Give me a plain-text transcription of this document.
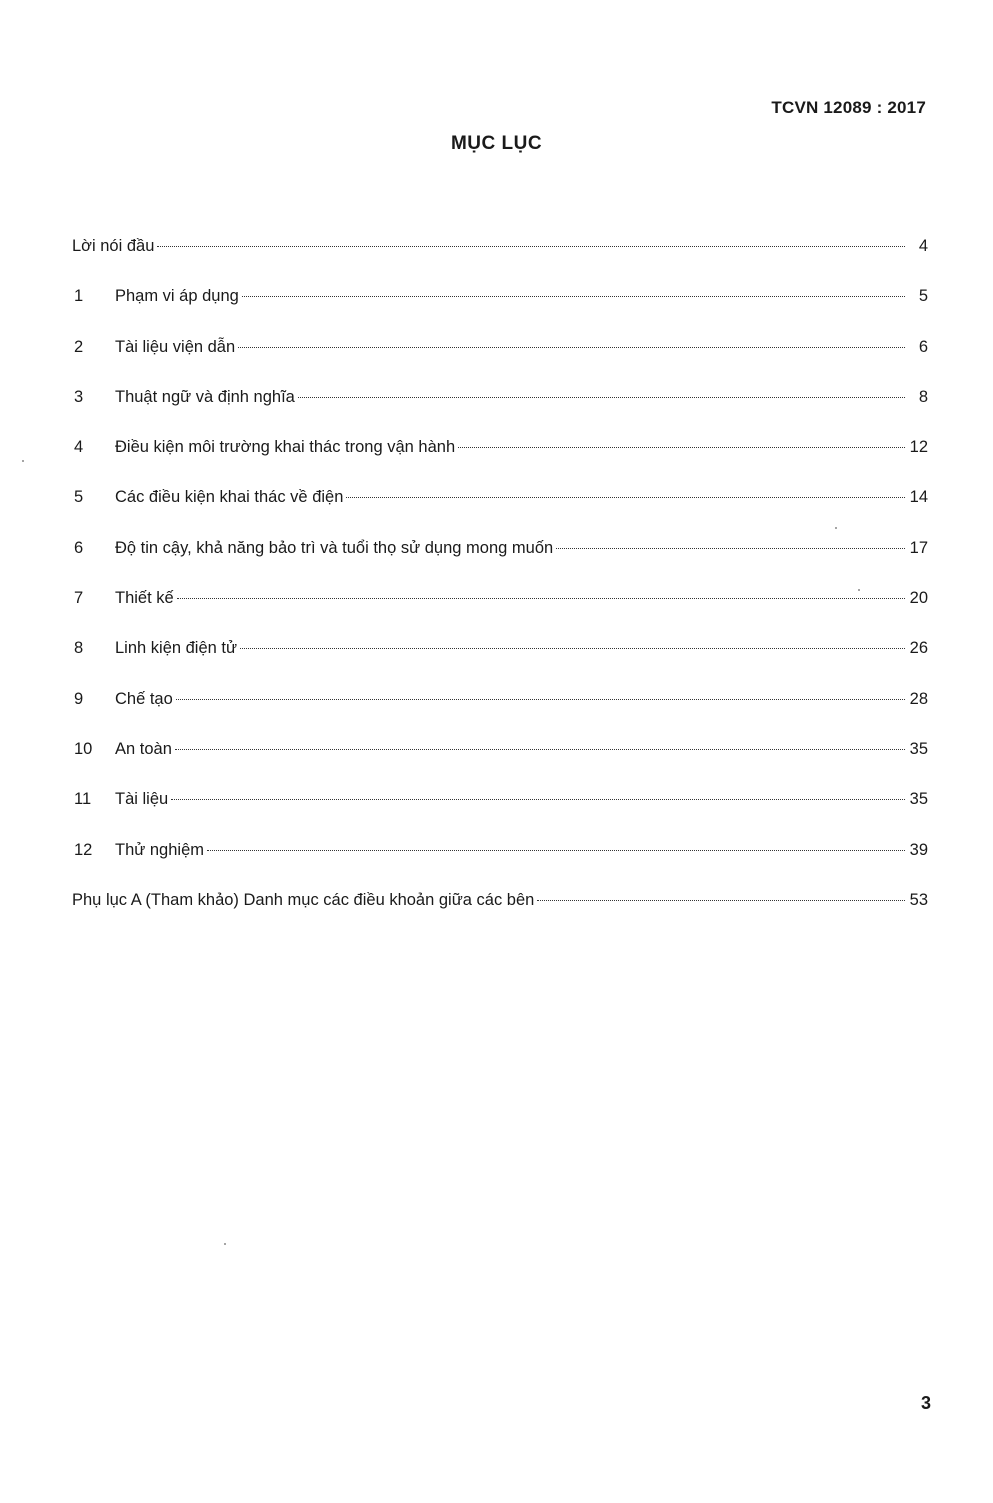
TCVN 12089 : 2017
MỤC LỤC
Lời nói đầu	4
1	Phạm vi áp dụng	5
2	Tài liệu viện dẫn	6
3	Thuật ngữ và định nghĩa	8
4	Điều kiện môi trường khai thác trong vận hành	12
5	Các điều kiện khai thác về điện	14
6	Độ tin cậy, khả năng bảo trì và tuổi thọ sử dụng mong muốn	17
7	Thiết kế	20
8	Linh kiện điện tử	26
9	Chế tạo	28
10	An toàn	35
11	Tài liệu	35
12	Thử nghiệm	39
Phụ lục A (Tham khảo) Danh mục các điều khoản giữa các bên	53
3
